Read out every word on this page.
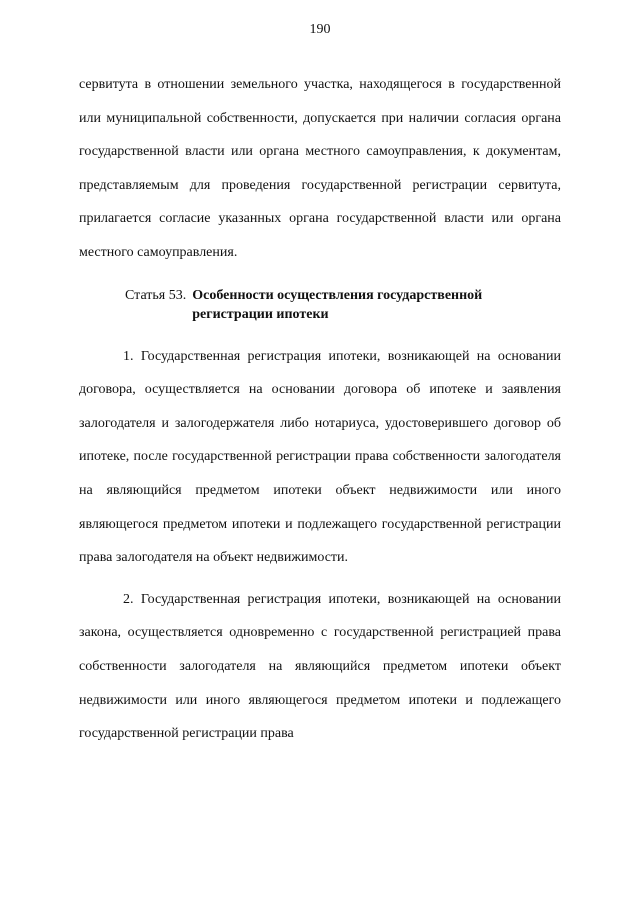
190

сервитута в отношении земельного участка, находящегося в государственной или муниципальной собственности, допускается при наличии согласия органа государственной власти или органа местного самоуправления, к документам, представляемым для проведения государственной регистрации сервитута, прилагается согласие указанных органа государственной власти или органа местного самоуправления.

Статья 53. Особенности осуществления государственной регистрации ипотеки

1. Государственная регистрация ипотеки, возникающей на основании договора, осуществляется на основании договора об ипотеке и заявления залогодателя и залогодержателя либо нотариуса, удостоверившего договор об ипотеке, после государственной регистрации права собственности залогодателя на являющийся предметом ипотеки объект недвижимости или иного являющегося предметом ипотеки и подлежащего государственной регистрации права залогодателя на объект недвижимости.

2. Государственная регистрация ипотеки, возникающей на основании закона, осуществляется одновременно с государственной регистрацией права собственности залогодателя на являющийся предметом ипотеки объект недвижимости или иного являющегося предметом ипотеки и подлежащего государственной регистрации права
